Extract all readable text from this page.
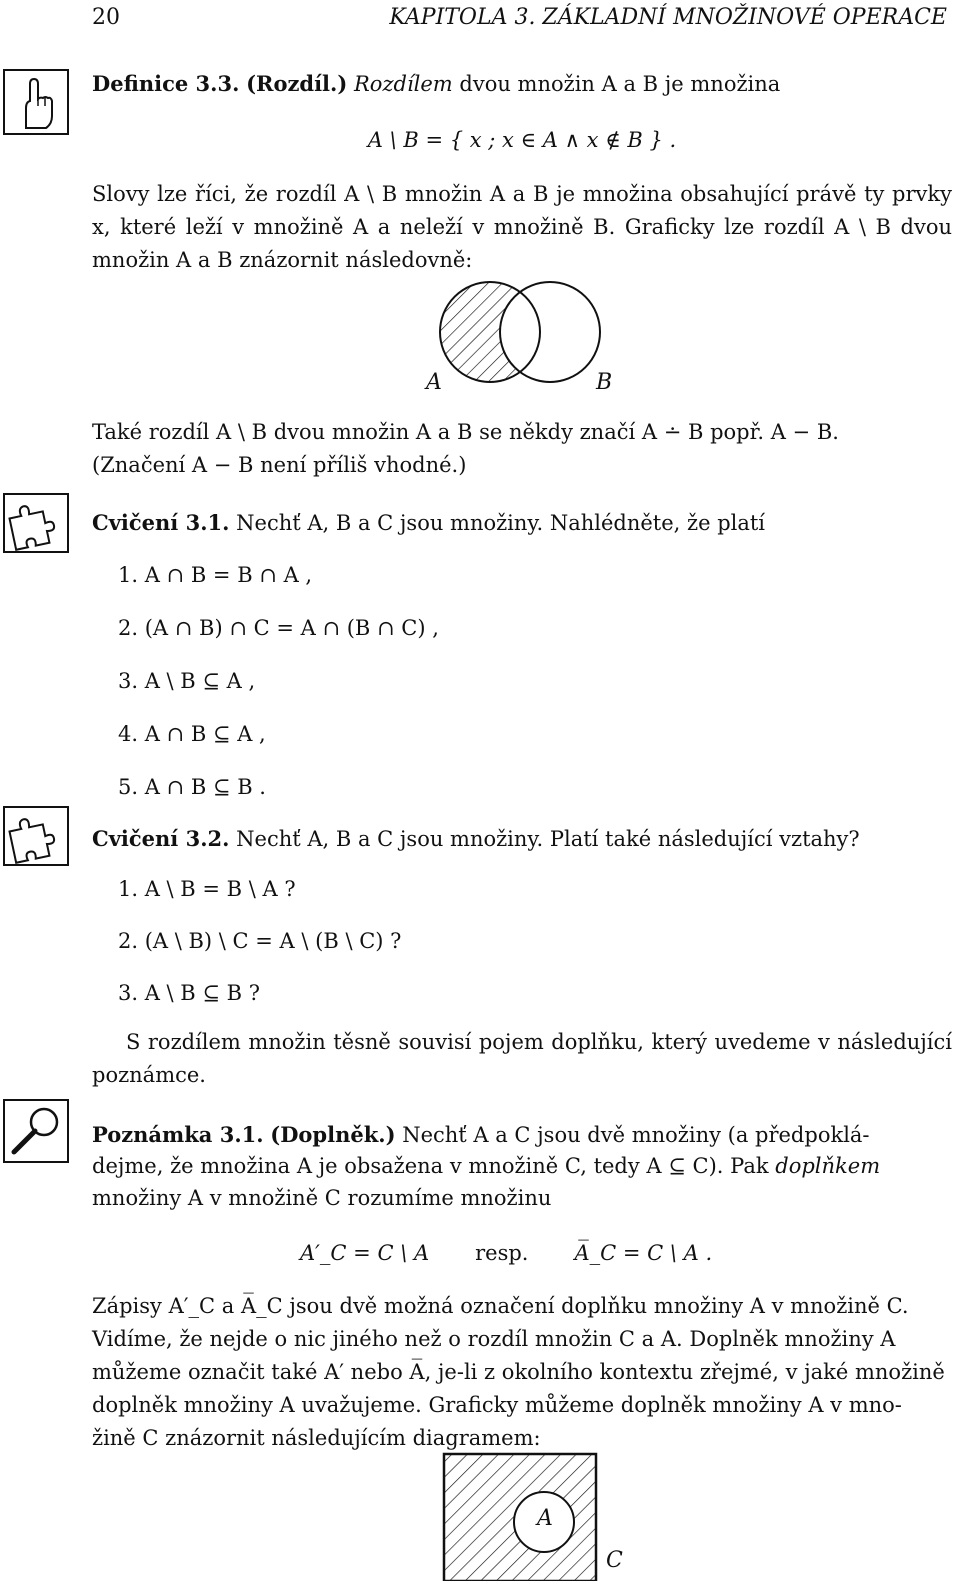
20	KAPITOLA 3. ZÁKLADNÍ MNOŽINOVÉ OPERACE
Definice 3.3. (Rozdíl.) Rozdílem dvou množin A a B je množina
A \ B = { x ; x ∈ A ∧ x ∉ B } .
Slovy lze říci, že rozdíl A \ B množin A a B je množina obsahující právě ty prvky x, které leží v množině A a neleží v množině B. Graficky lze rozdíl A \ B dvou množin A a B znázornit následovně:
A	B
Také rozdíl A \ B dvou množin A a B se někdy značí A ∸ B popř. A − B.
(Značení A − B není příliš vhodné.)
Cvičení 3.1. Nechť A, B a C jsou množiny. Nahlédněte, že platí
1. A ∩ B = B ∩ A ,
2. (A ∩ B) ∩ C = A ∩ (B ∩ C) ,
3. A \ B ⊆ A ,
4. A ∩ B ⊆ A ,
5. A ∩ B ⊆ B .
Cvičení 3.2. Nechť A, B a C jsou množiny. Platí také následující vztahy?
1. A \ B = B \ A ?
2. (A \ B) \ C = A \ (B \ C) ?
3. A \ B ⊆ B ?
S rozdílem množin těsně souvisí pojem doplňku, který uvedeme v následující poznámce.
Poznámka 3.1. (Doplněk.) Nechť A a C jsou dvě množiny (a předpoklá-
dejme, že množina A je obsažena v množině C, tedy A ⊆ C). Pak doplňkem
množiny A v množině C rozumíme množinu
A′_C = C \ A resp. A̅_C = C \ A .
Zápisy A′_C a A̅_C jsou dvě možná označení doplňku množiny A v množině C.
Vidíme, že nejde o nic jiného než o rozdíl množin C a A. Doplněk množiny A
můžeme označit také A′ nebo A̅, je-li z okolního kontextu zřejmé, v jaké množině
doplněk množiny A uvažujeme. Graficky můžeme doplněk množiny A v mno-
žině C znázornit následujícím diagramem:
A
C
